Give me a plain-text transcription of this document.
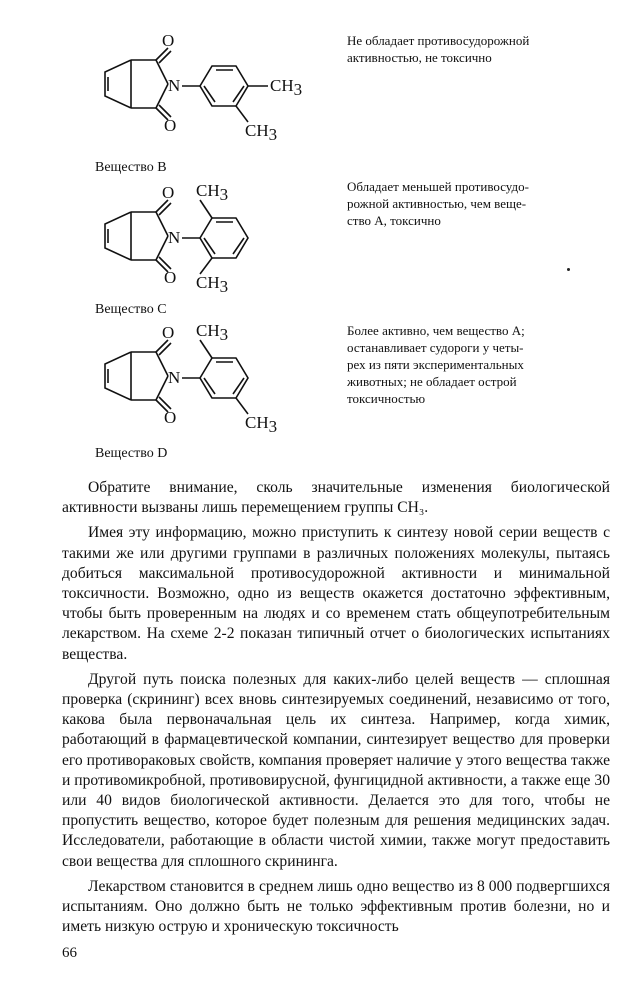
O
O
N	CH3
CH3
Не обладает противосудорожной
активностью, не токсично
Вещество В
O
O
N
CH3
CH3
Обладает меньшей противосудо-
рожной активностью, чем веще-
ство А, токсично
Вещество С
O
O
N
CH3
CH3
Более активно, чем вещество А;
останавливает судороги у четы-
рех из пяти экспериментальных
животных; не обладает острой
токсичностью
Вещество D

Обратите внимание, сколь значительные изменения биологической активности вызваны лишь перемещением группы CH₃.

Имея эту информацию, можно приступить к синтезу новой серии веществ с такими же или другими группами в различных положениях молекулы, пытаясь добиться максимальной противосудорожной активности и минимальной токсичности. Возможно, одно из веществ окажется достаточно эффективным, чтобы быть проверенным на людях и со временем стать общеупотребительным лекарством. На схеме 2-2 показан типичный отчет о биологических испытаниях вещества.

Другой путь поиска полезных для каких-либо целей веществ — сплошная проверка (скрининг) всех вновь синтезируемых соединений, независимо от того, какова была первоначальная цель их синтеза. Например, когда химик, работающий в фармацевтической компании, синтезирует вещество для проверки его противораковых свойств, компания проверяет наличие у этого вещества также и противомикробной, противовирусной, фунгицидной активности, а также еще 30 или 40 видов биологической активности. Делается это для того, чтобы не пропустить вещество, которое будет полезным для решения медицинских задач. Исследователи, работающие в области чистой химии, также могут предоставить свои вещества для сплошного скрининга.

Лекарством становится в среднем лишь одно вещество из 8 000 подвергшихся испытаниям. Оно должно быть не только эффективным против болезни, но и иметь низкую острую и хроническую токсичность

66
